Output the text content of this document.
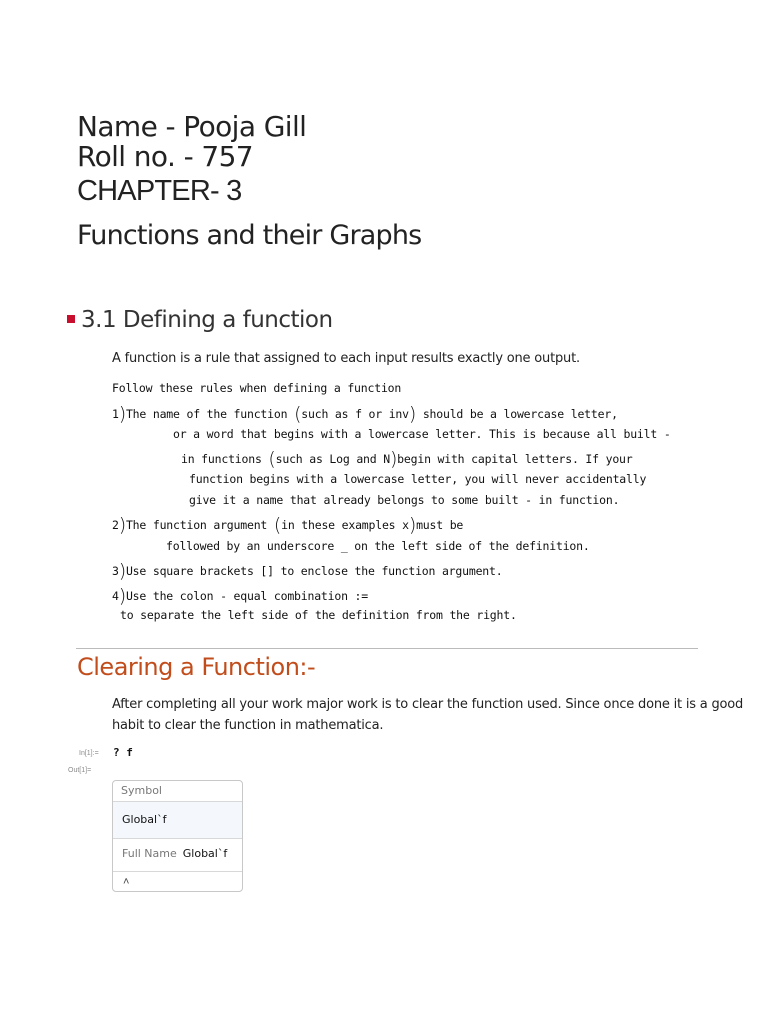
Name - Pooja Gill
Roll no. - 757
CHAPTER- 3
Functions and their Graphs
3.1 Defining a function
A function is a rule that assigned to each input results exactly one output.
Follow these rules when defining a function
1)The name of the function (such as f or inv) should be a lowercase letter,
or a word that begins with a lowercase letter. This is because all built -
in functions (such as Log and N)begin with capital letters. If your
function begins with a lowercase letter, you will never accidentally
give it a name that already belongs to some built - in function.
2)The function argument (in these examples x)must be
followed by an underscore _ on the left side of the definition.
3)Use square brackets [] to enclose the function argument.
4)Use the colon - equal combination :=
to separate the left side of the definition from the right.
Clearing a Function:-
After completing all your work major work is to clear the function used. Since once done it is a good
habit to clear the function in mathematica.
In[1]:= ? f
Out[1]=
Symbol
Global`f
Full Name Global`f
˄
